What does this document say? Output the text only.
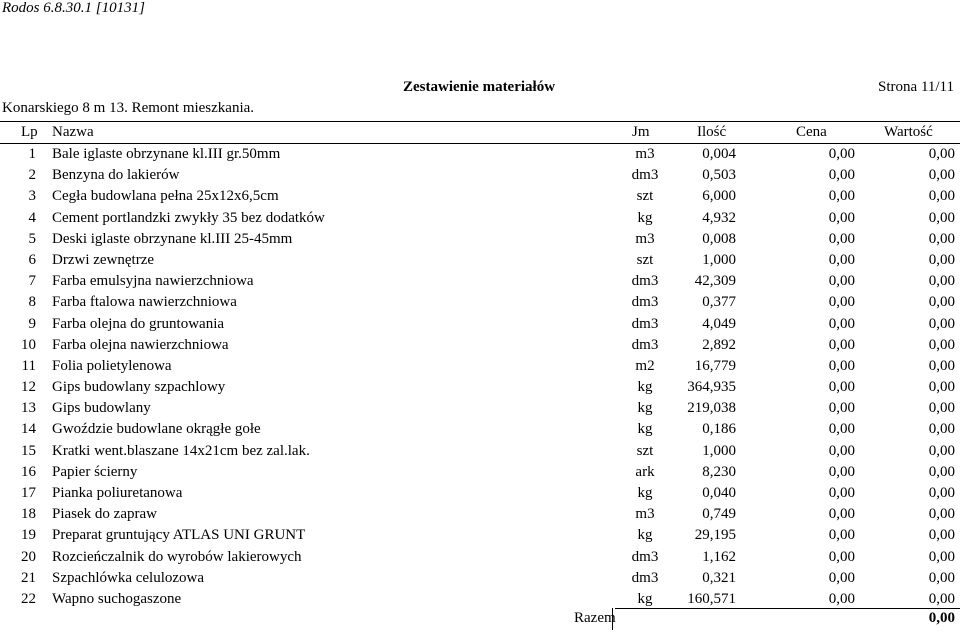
Rodos 6.8.30.1 [10131]
Zestawienie materiałów	Strona 11/11
Konarskiego 8 m 13. Remont mieszkania.
Lp Nazwa	Jm	Ilość	Cena	Wartość
1 Bale iglaste obrzynane kl.III gr.50mm	m3	0,004	0,00	0,00
2 Benzyna do lakierów	dm3	0,503	0,00	0,00
3 Cegła budowlana pełna 25x12x6,5cm	szt	6,000	0,00	0,00
4 Cement portlandzki zwykły 35 bez dodatków	kg	4,932	0,00	0,00
5 Deski iglaste obrzynane kl.III 25-45mm	m3	0,008	0,00	0,00
6 Drzwi zewnętrze	szt	1,000	0,00	0,00
7 Farba emulsyjna nawierzchniowa	dm3	42,309	0,00	0,00
8 Farba ftalowa nawierzchniowa	dm3	0,377	0,00	0,00
9 Farba olejna do gruntowania	dm3	4,049	0,00	0,00
10 Farba olejna nawierzchniowa	dm3	2,892	0,00	0,00
11 Folia polietylenowa	m2	16,779	0,00	0,00
12 Gips budowlany szpachlowy	kg	364,935	0,00	0,00
13 Gips budowlany	kg	219,038	0,00	0,00
14 Gwoździe budowlane okrągłe gołe	kg	0,186	0,00	0,00
15 Kratki went.blaszane 14x21cm bez zal.lak.	szt	1,000	0,00	0,00
16 Papier ścierny	ark	8,230	0,00	0,00
17 Pianka poliuretanowa	kg	0,040	0,00	0,00
18 Piasek do zapraw	m3	0,749	0,00	0,00
19 Preparat gruntujący ATLAS UNI GRUNT	kg	29,195	0,00	0,00
20 Rozcieńczalnik do wyrobów lakierowych	dm3	1,162	0,00	0,00
21 Szpachlówka celulozowa	dm3	0,321	0,00	0,00
22 Wapno suchogaszone	kg	160,571	0,00	0,00
Razem	0,00
